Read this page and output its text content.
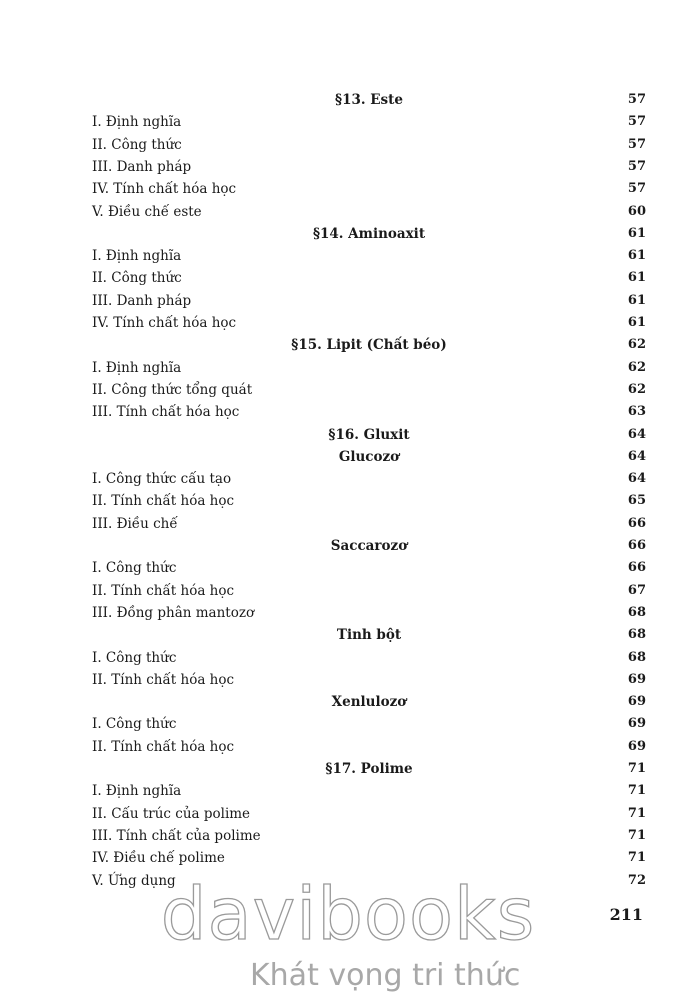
§13. Este	57
I. Định nghĩa	57
II. Công thức	57
III. Danh pháp	57
IV. Tính chất hóa học	57
V. Điều chế este	60
§14. Aminoaxit	61
I. Định nghĩa	61
II. Công thức	61
III. Danh pháp	61
IV. Tính chất hóa học	61
§15. Lipit (Chất béo)	62
I. Định nghĩa	62
II. Công thức tổng quát	62
III. Tính chất hóa học	63
§16. Gluxit	64
Glucozơ	64
I. Công thức cấu tạo	64
II. Tính chất hóa học	65
III. Điều chế	66
Saccarozơ	66
I. Công thức	66
II. Tính chất hóa học	67
III. Đồng phân mantozơ	68
Tinh bột	68
I. Công thức	68
II. Tính chất hóa học	69
Xenlulozơ	69
I. Công thức	69
II. Tính chất hóa học	69
§17. Polime	71
I. Định nghĩa	71
II. Cấu trúc của polime	71
III. Tính chất của polime	71
IV. Điều chế polime	71
V. Ứng dụng	72
211
davibooks
Khát vọng tri thức
